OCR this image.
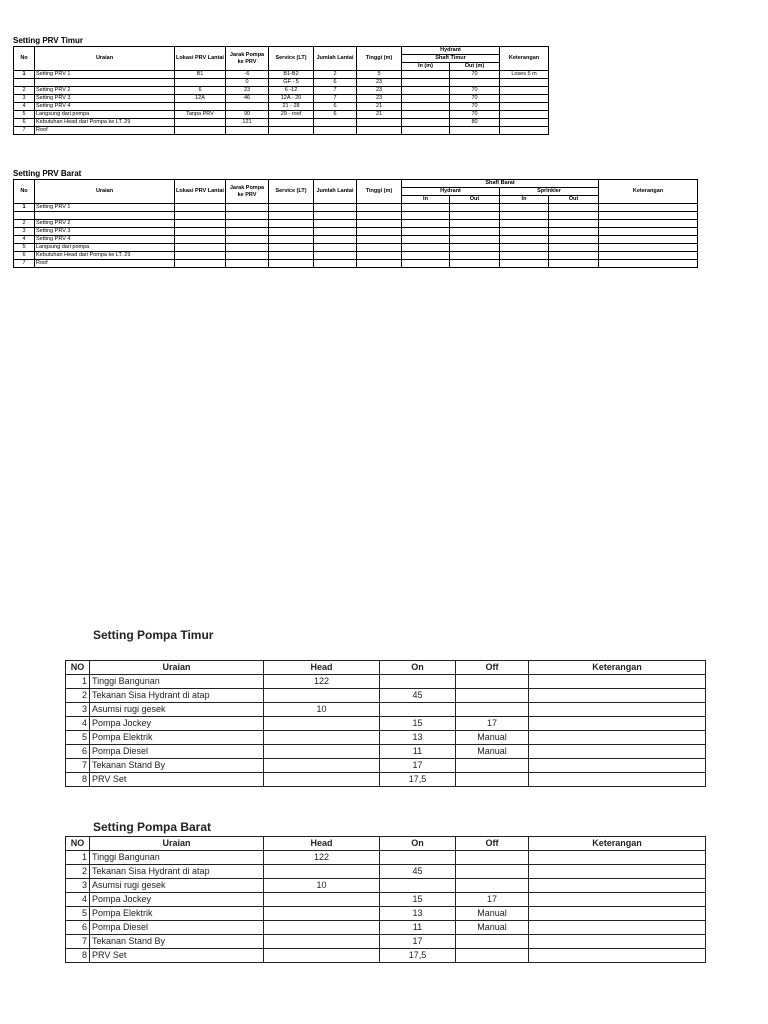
Setting PRV Timur
No	Uraian	Lokasi PRV Lantai	Jarak Pompa ke PRV	Service (LT)	Jumlah Lantai	Tinggi (m)	Hydrant		Keterangan
							Shaft Timur		
							In (m)	Out (m)	
1	Setting PRV 1	B1	-6	B1-B2	2	5		70	Loses 5 m
			0	GF - 5	6	23			
2	Setting PRV 2	6	23	6 -12	7	23		70	
3	Setting PRV 3	12A	46	12A - 20	7	23		70	
4	Setting PRV 4			21 - 28	6	21		70	
5	Langsung dari pompa	Tanpa PRV	90	29 - roof	6	21		70	
6	Kebutuhan Head dari Pompa ke LT. 29		121					80	
7	Roof								
Setting PRV Barat
No	Uraian	Lokasi PRV Lantai	Jarak Pompa ke PRV	Service (LT)	Jumlah Lantai	Tinggi (m)	Shaft Barat				Keterangan
							Hydrant		Sprinkler		
							In	Out	In	Out	
1	Setting PRV 1										

2	Setting PRV 2										
3	Setting PRV 3										
4	Setting PRV 4										
5	Langsung dari pompa										
6	Kebutuhan Head dari Pompa ke LT. 29										
7	Roof										
Setting Pompa Timur
NO	Uraian	Head	On	Off	Keterangan
1	Tinggi Bangunan	122			
2	Tekanan Sisa Hydrant di atap		45		
3	Asumsi rugi gesek	10			
4	Pompa Jockey		15	17	
5	Pompa Elektrik		13	Manual	
6	Pompa Diesel		11	Manual	
7	Tekanan Stand By		17		
8	PRV Set		17,5		
Setting Pompa Barat
NO	Uraian	Head	On	Off	Keterangan
1	Tinggi Bangunan	122			
2	Tekanan Sisa Hydrant di atap		45		
3	Asumsi rugi gesek	10			
4	Pompa Jockey		15	17	
5	Pompa Elektrik		13	Manual	
6	Pompa Diesel		11	Manual	
7	Tekanan Stand By		17		
8	PRV Set		17,5		
